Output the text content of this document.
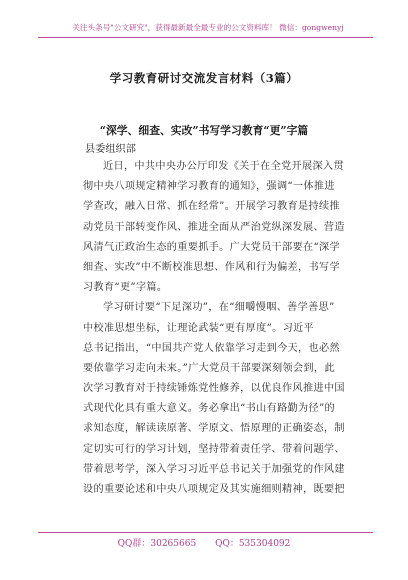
关注头条号"公文研究"，获得最新最全最专业的公文资料库！ 微信：gongwenyj
学习教育研讨交流发言材料（3篇）
“深学、细查、实改”书写学习教育“更”字篇
县委组织部
近日，中共中央办公厅印发《关于在全党开展深入贯
彻中央八项规定精神学习教育的通知》，强调“一体推进
学查改，融入日常、抓在经常”。开展学习教育是持续推
动党员干部转变作风、推进全面从严治党纵深发展、营造
风清气正政治生态的重要抓手。广大党员干部要在“深学
细查、实改”中不断校准思想、作风和行为偏差，书写学
习教育“更”字篇。
学习研讨要“下足深功”，在“细嚼慢咽、善学善思”
中校准思想坐标，让理论武装“更有厚度”。习近平
总书记指出，“中国共产党人依靠学习走到今天，也必然
要依靠学习走向未来。”广大党员干部要深刻领会到，此
次学习教育对于持续锤炼党性修养，以优良作风推进中国
式现代化具有重大意义。务必拿出“书山有路勤为径”的
求知态度，解读读原著、学原文、悟原理的正确姿态，制
定切实可行的学习计划，坚持带着责任学、带着问题学、
带着思考学，深入学习习近平总书记关于加强党的作风建
设的重要论述和中央八项规定及其实施细则精神，既要把
QQ群：30265665 QQ：535304092
